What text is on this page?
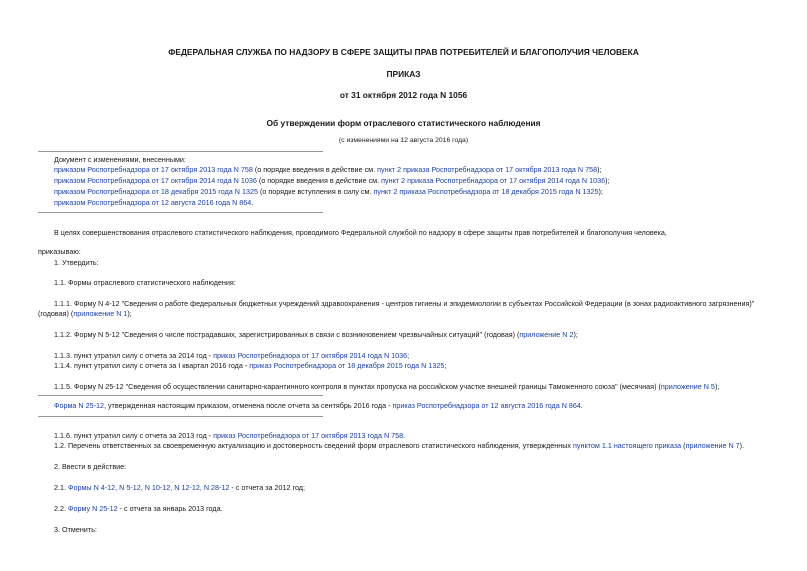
ФЕДЕРАЛЬНАЯ СЛУЖБА ПО НАДЗОРУ В СФЕРЕ ЗАЩИТЫ ПРАВ ПОТРЕБИТЕЛЕЙ И БЛАГОПОЛУЧИЯ ЧЕЛОВЕКА
ПРИКАЗ
от 31 октября 2012 года N 1056
Об утверждении форм отраслевого статистического наблюдения
(с изменениями на 12 августа 2016 года)
Документ с изменениями, внесенными:
приказом Роспотребнадзора от 17 октября 2013 года N 758 (о порядке введения в действие см. пункт 2 приказа Роспотребнадзора от 17 октября 2013 года N 758);
приказом Роспотребнадзора от 17 октября 2014 года N 1036 (о порядке введения в действие см. пункт 2 приказа Роспотребнадзора от 17 октября 2014 года N 1036);
приказом Роспотребнадзора от 18 декабря 2015 года N 1325 (о порядке вступления в силу см. пункт 2 приказа Роспотребнадзора от 18 декабря 2015 года N 1325);
приказом Роспотребнадзора от 12 августа 2016 года N 864.
В целях совершенствования отраслевого статистического наблюдения, проводимого Федеральной службой по надзору в сфере защиты прав потребителей и благополучия человека,
приказываю:
1. Утвердить:
1.1. Формы отраслевого статистического наблюдения:
1.1.1. Форму N 4-12 "Сведения о работе федеральных бюджетных учреждений здравоохранения - центров гигиены и эпидемиологии в субъектах Российской Федерации (в зонах радиоактивного загрязнения)"
(годовая) (приложение N 1);
1.1.2. Форму N 5-12 "Сведения о числе пострадавших, зарегистрированных в связи с возникновением чрезвычайных ситуаций" (годовая) (приложение N 2);
1.1.3. пункт утратил силу с отчета за 2014 год - приказ Роспотребнадзора от 17 октября 2014 года N 1036;
1.1.4. пункт утратил силу с отчета за I квартал 2016 года - приказ Роспотребнадзора от 18 декабря 2015 года N 1325;
1.1.5. Форму N 25-12 "Сведения об осуществлении санитарно-карантинного контроля в пунктах пропуска на российском участке внешней границы Таможенного союза" (месячная) (приложение N 5);
Форма N 25-12, утвержденная настоящим приказом, отменена после отчета за сентябрь 2016 года - приказ Роспотребнадзора от 12 августа 2016 года N 864.
1.1.6. пункт утратил силу с отчета за 2013 год - приказ Роспотребнадзора от 17 октября 2013 года N 758.
1.2. Перечень ответственных за своевременную актуализацию и достоверность сведений форм отраслевого статистического наблюдения, утвержденных пунктом 1.1 настоящего приказа (приложение N 7).
2. Ввести в действие:
2.1. Формы N 4-12, N 5-12, N 10-12, N 12-12, N 28-12 - с отчета за 2012 год;
2.2. Форму N 25-12 - с отчета за январь 2013 года.
3. Отменить:
